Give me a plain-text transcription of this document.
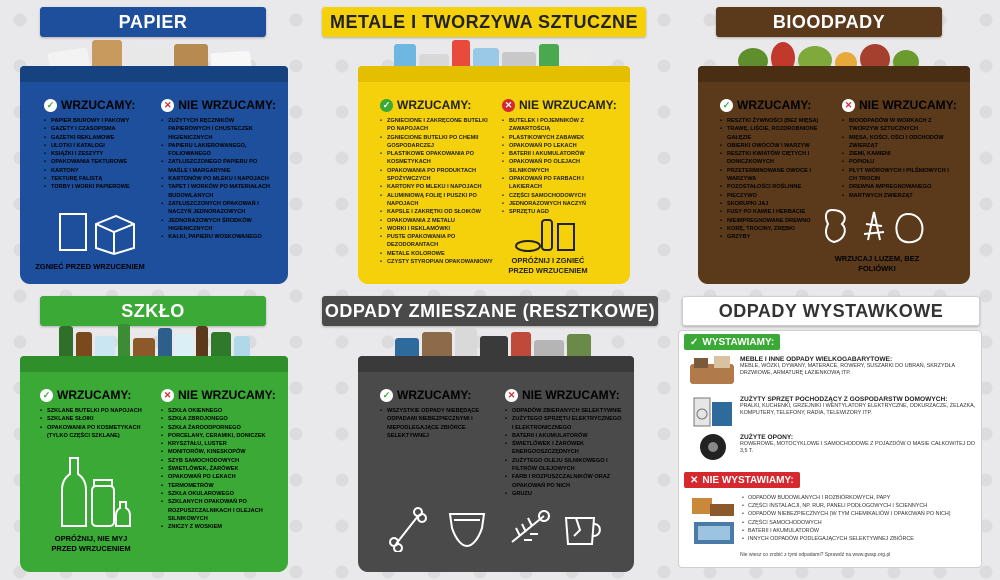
PAPIER
✓ WRZUCAMY:
• PAPIER BIUROWY I PAKOWY
• GAZETY I CZASOPISMA
• GAZETKI REKLAMOWE
• ULOTKI I KATALOGI
• KSIĄŻKI I ZESZYTY
• OPAKOWANIA TEKTUROWE
• KARTONY
• TEKTURĘ FALISTĄ
• TORBY I WORKI PAPIEROWE
✕ NIE WRZUCAMY:
• ZUŻYTYCH RĘCZNIKÓW PAPIEROWYCH I CHUSTECZEK HIGIENICZNYCH
• PAPIERU LAKIEROWANEGO, FOLIOWANEGO
• ZATŁUSZCZONEGO PAPIERU PO MAŚLE I MARGARYNIE
• KARTONÓW PO MLEKU I NAPOJACH
• TAPET I WORKÓW PO MATERIAŁACH BUDOWLANYCH
• ZATŁUSZCZONYCH OPAKOWAŃ I NACZYŃ JEDNORAZOWYCH
• JEDNORAZOWYCH ŚRODKÓW HIGIENICZNYCH
• KALKI, PAPIERU WOSKOWANEGO
ZGNIEĆ PRZED WRZUCENIEM
METALE I TWORZYWA SZTUCZNE
✓ WRZUCAMY:
• ZGNIECIONE I ZAKRĘCONE BUTELKI PO NAPOJACH
• ZGNIECIONE BUTELKI PO CHEMII GOSPODARCZEJ
• PLASTIKOWE OPAKOWANIA PO KOSMETYKACH
• OPAKOWANIA PO PRODUKTACH SPOŻYWCZYCH
• KARTONY PO MLEKU I NAPOJACH
• ALUMINIOWĄ FOLIĘ I PUSZKI PO NAPOJACH
• KAPSLE I ZAKRĘTKI OD SŁOIKÓW
• OPAKOWANIA Z METALU
• WORKI I REKLAMÓWKI
• PUSTE OPAKOWANIA PO DEZODORANTACH
• METALE KOLOROWE
• CZYSTY STYROPIAN OPAKOWANIOWY
✕ NIE WRZUCAMY:
• BUTELEK I POJEMNIKÓW Z ZAWARTOŚCIĄ
• PLASTIKOWYCH ZABAWEK
• OPAKOWAŃ PO LEKACH
• BATERII I AKUMULATORÓW
• OPAKOWAŃ PO OLEJACH SILNIKOWYCH
• OPAKOWAŃ PO FARBACH I LAKIERACH
• CZĘŚCI SAMOCHODOWYCH
• JEDNORAZOWYCH NACZYŃ
• SPRZĘTU AGD
OPRÓŻNIJ I ZGNIEĆ PRZED WRZUCENIEM
BIOODPADY
✓ WRZUCAMY:
• RESZTKI ŻYWNOŚCI (BEZ MIĘSA)
• TRAWĘ, LIŚCIE, ROZDROBNIONE GAŁĘZIE
• OBIERKI OWOCÓW I WARZYW
• RESZTKI KWIATÓW CIĘTYCH I DONICZKOWYCH
• PRZETERMINOWANE OWOCE I WARZYWA
• POZOSTAŁOŚCI ROŚLINNE
• PIECZYWO
• SKORUPKI JAJ
• FUSY PO KAWIE I HERBACIE
• NIEIMPREGNOWANE DREWNO
• KORĘ, TROCINY, ZRĘBKI
• GRZYBY
✕ NIE WRZUCAMY:
• BIOODPADÓW W WORKACH Z TWORZYW SZTUCZNYCH
• MIĘSA, KOŚCI, OŚCI I ODCHODÓW ZWIERZĄT
• ZIEMI, KAMIENI
• POPIOŁU
• PŁYT WIÓROWYCH I PILŚNIOWYCH I CH TROCIN
• DREWNA IMPREGNOWANEGO
• MARTWYCH ZWIERZĄT
WRZUCAJ LUZEM, BEZ FOLIÓWKI
SZKŁO
✓ WRZUCAMY:
• SZKLANE BUTELKI PO NAPOJACH
• SZKLANE SŁOIKI
• OPAKOWANIA PO KOSMETYKACH (TYLKO CZĘŚCI SZKLANE)
✕ NIE WRZUCAMY:
• SZKŁA OKIENNEGO
• SZKŁA ZBROJONEGO
• SZKŁA ŻAROODPORNEGO
• PORCELANY, CERAMIKI, DONICZEK
• KRYSZTAŁU, LUSTER
• MONITORÓW, KINESKOPÓW
• SZYB SAMOCHODOWYCH
• ŚWIETLÓWEK, ŻARÓWEK
• OPAKOWAŃ PO LEKACH
• TERMOMETRÓW
• SZKŁA OKULAROWEGO
• SZKLANYCH OPAKOWAŃ PO ROZPUSZCZALNIKACH I OLEJACH SILNIKOWYCH
• ZNICZY Z WOSKIEM
OPRÓŻNIJ, NIE MYJ PRZED WRZUCENIEM
ODPADY ZMIESZANE (RESZTKOWE)
✓ WRZUCAMY:
• WSZYSTKIE ODPADY NIEBĘDĄCE ODPADAMI NIEBEZPIECZNYMI I NIEPODLEGAJĄCE ZBIÓRCE SELEKTYWNEJ
✕ NIE WRZUCAMY:
• ODPADÓW ZBIERANYCH SELEKTYWNIE
• ZUŻYTEGO SPRZĘTU ELEKTRYCZNEGO I ELEKTRONICZNEGO
• BATERII I AKUMULATORÓW
• ŚWIETLÓWEK I ŻARÓWEK ENERGOOSZCZĘDNYCH
• ZUŻYTEGO OLEJU SILNIKOWEGO I FILTRÓW OLEJOWYCH
• FARB I ROZPUSZCZALNIKÓW ORAZ OPAKOWAŃ PO NICH
• GRUZU
ODPADY WYSTAWKOWE
✓ WYSTAWIAMY:
MEBLE I INNE ODPADY WIELKOGABARYTOWE:

MEBLE, WÓZKI, DYWANY, MATERACE, ROWERY, SUSZARKI DO UBRAŃ, SKRZYDŁA DRZWIOWE, ARMATURĘ ŁAZIENKOWĄ ITP.

ZUŻYTY SPRZĘT POCHODZĄCY Z GOSPODARSTW DOMOWYCH:

PRALKI, KUCHENKI, GRZEJNIKI I WENTYLATORY ELEKTRYCZNE, ODKURZACZE, ŻELAZKA, KOMPUTERY, TELEFONY, RADIA, TELEWIZORY ITP.

ZUŻYTE OPONY:

ROWEROWE, MOTOCYKLOWE I SAMOCHODOWE Z POJAZDÓW O MASIE CAŁKOWITEJ DO 3,5 T.

✕ NIE WYSTAWIAMY:
• ODPADÓW BUDOWLANYCH I ROZBIÓRKOWYCH, PAPY
• CZĘŚCI INSTALACJI, NP. RUR, PANELI PODŁOGOWYCH I ŚCIENNYCH
• ODPADÓW NIEBEZPIECZNYCH (W TYM CHEMIKALIÓW I OPAKOWAŃ PO NICH)
• CZĘŚCI SAMOCHODOWYCH
• BATERII I AKUMULATORÓW
• INNYCH ODPADÓW PODLEGAJĄCYCH SELEKTYWNEJ ZBIÓRCE
Nie wiesz co zrobić z tymi odpadami? Sprawdź na www.gwap.org.pl
